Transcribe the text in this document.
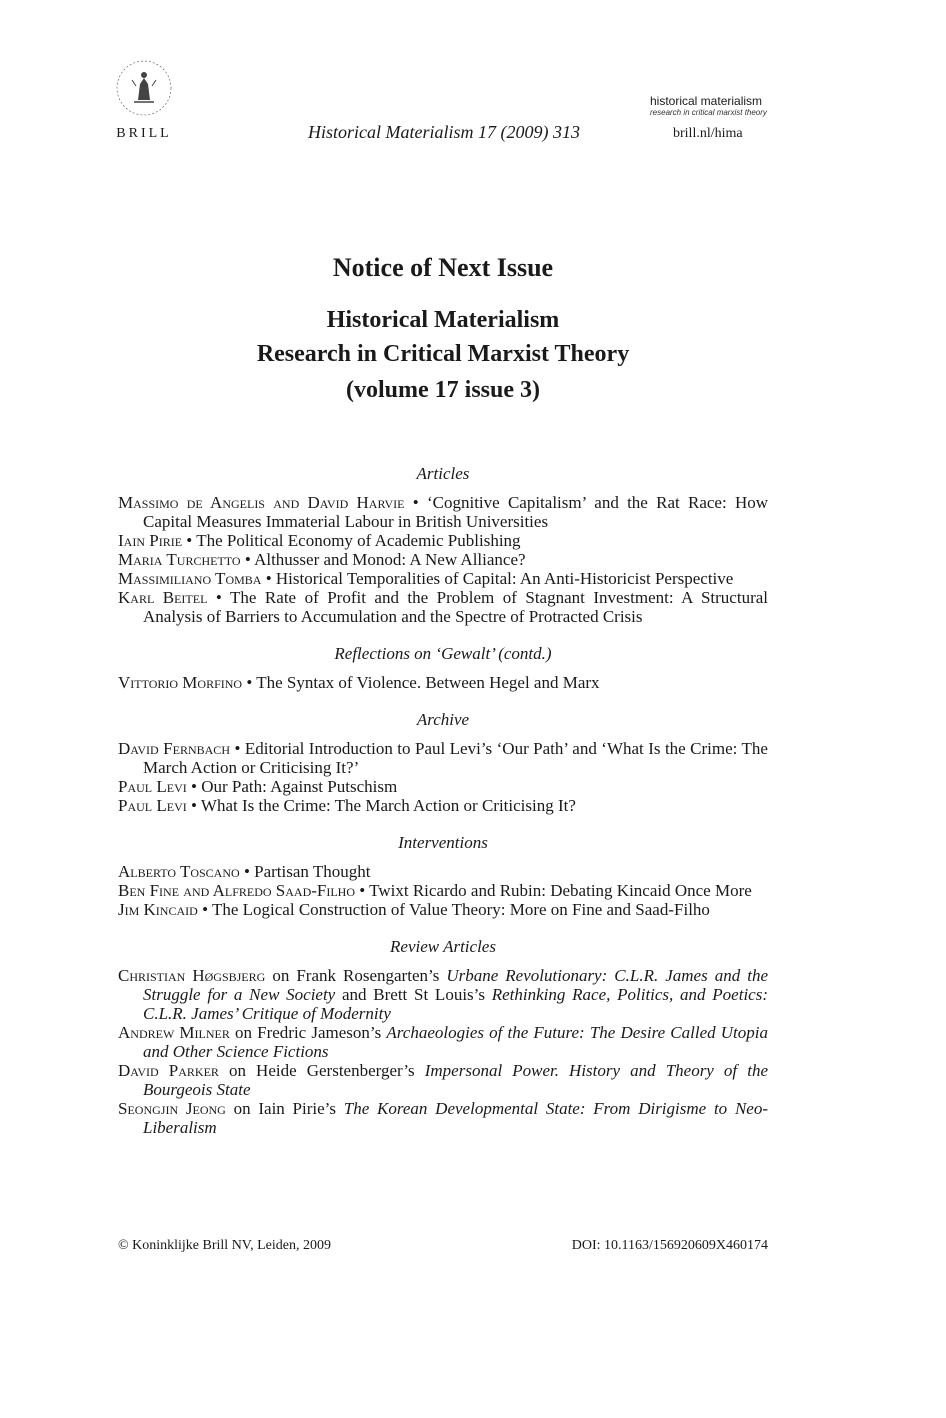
BRILL	Historical Materialism 17 (2009) 313
historical materialism
research in critical marxist theory
brill.nl/hima
Notice of Next Issue
Historical Materialism
Research in Critical Marxist Theory
(volume 17 issue 3)
Articles

Massimo de Angelis and David Harvie • ‘Cognitive Capitalism’ and the Rat Race: How Capital Measures Immaterial Labour in British Universities

Iain Pirie • The Political Economy of Academic Publishing

Maria Turchetto • Althusser and Monod: A New Alliance?

Massimiliano Tomba • Historical Temporalities of Capital: An Anti-Historicist Perspective

Karl Beitel • The Rate of Profit and the Problem of Stagnant Investment: A Structural Analysis of Barriers to Accumulation and the Spectre of Protracted Crisis

Reflections on ‘Gewalt’ (contd.)

Vittorio Morfino • The Syntax of Violence. Between Hegel and Marx

Archive

David Fernbach • Editorial Introduction to Paul Levi’s ‘Our Path’ and ‘What Is the Crime: The March Action or Criticising It?’

Paul Levi • Our Path: Against Putschism

Paul Levi • What Is the Crime: The March Action or Criticising It?

Interventions

Alberto Toscano • Partisan Thought

Ben Fine and Alfredo Saad-Filho • Twixt Ricardo and Rubin: Debating Kincaid Once More

Jim Kincaid • The Logical Construction of Value Theory: More on Fine and Saad-Filho

Review Articles

Christian Høgsbjerg on Frank Rosengarten’s Urbane Revolutionary: C.L.R. James and the Struggle for a New Society and Brett St Louis’s Rethinking Race, Politics, and Poetics: C.L.R. James’ Critique of Modernity

Andrew Milner on Fredric Jameson’s Archaeologies of the Future: The Desire Called Utopia and Other Science Fictions

David Parker on Heide Gerstenberger’s Impersonal Power. History and Theory of the Bourgeois State

Seongjin Jeong on Iain Pirie’s The Korean Developmental State: From Dirigisme to Neo-Liberalism

© Koninklijke Brill NV, Leiden, 2009	DOI: 10.1163/156920609X460174
